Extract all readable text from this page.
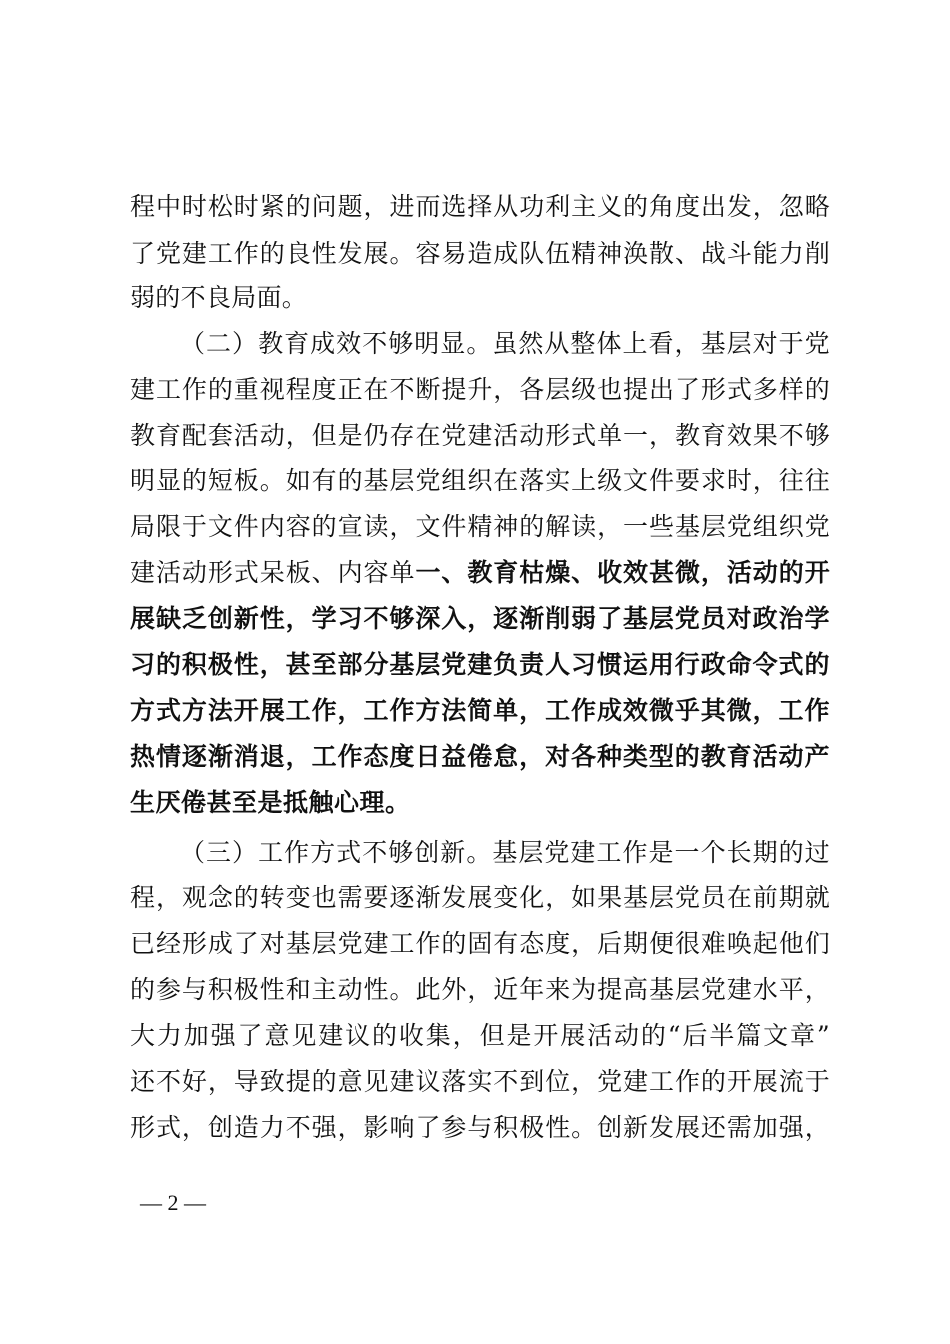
程中时松时紧的问题，进而选择从功利主义的角度出发，忽略
了党建工作的良性发展。容易造成队伍精神涣散、战斗能力削
弱的不良局面。
（二）教育成效不够明显。虽然从整体上看，基层对于党
建工作的重视程度正在不断提升，各层级也提出了形式多样的
教育配套活动，但是仍存在党建活动形式单一，教育效果不够
明显的短板。如有的基层党组织在落实上级文件要求时，往往
局限于文件内容的宣读，文件精神的解读，一些基层党组织党
建活动形式呆板、内容单一、教育枯燥、收效甚微，活动的开
展缺乏创新性，学习不够深入，逐渐削弱了基层党员对政治学
习的积极性，甚至部分基层党建负责人习惯运用行政命令式的
方式方法开展工作，工作方法简单，工作成效微乎其微，工作
热情逐渐消退，工作态度日益倦怠，对各种类型的教育活动产
生厌倦甚至是抵触心理。
（三）工作方式不够创新。基层党建工作是一个长期的过
程，观念的转变也需要逐渐发展变化，如果基层党员在前期就
已经形成了对基层党建工作的固有态度，后期便很难唤起他们
的参与积极性和主动性。此外，近年来为提高基层党建水平，
大力加强了意见建议的收集，但是开展活动的“后半篇文章”
还不好，导致提的意见建议落实不到位，党建工作的开展流于
形式，创造力不强，影响了参与积极性。创新发展还需加强，
— 2 —
